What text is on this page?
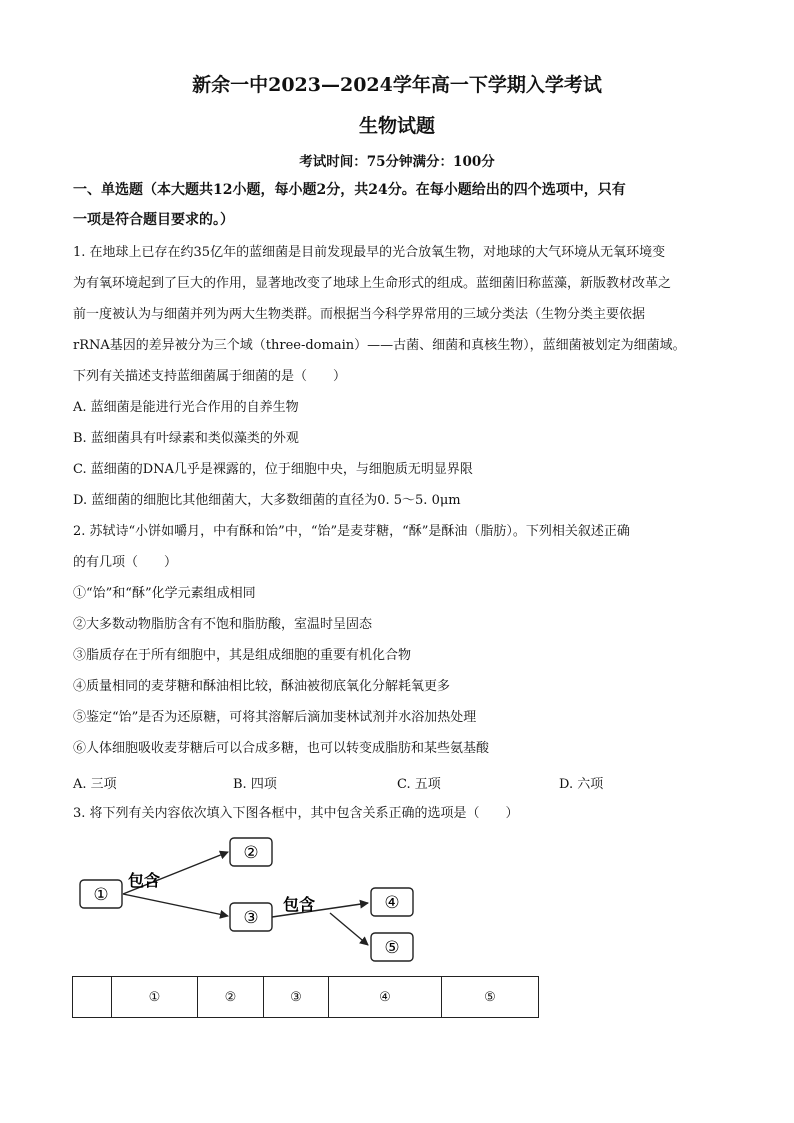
新余一中2023—2024学年高一下学期入学考试
生物试题
考试时间：75分钟满分：100分
一、单选题（本大题共12小题，每小题2分，共24分。在每小题给出的四个选项中，只有
一项是符合题目要求的。）
1. 在地球上已存在约35亿年的蓝细菌是目前发现最早的光合放氧生物，对地球的大气环境从无氧环境变
为有氧环境起到了巨大的作用，显著地改变了地球上生命形式的组成。蓝细菌旧称蓝藻，新版教材改革之
前一度被认为与细菌并列为两大生物类群。而根据当今科学界常用的三域分类法（生物分类主要依据
rRNA基因的差异被分为三个域（three-domain）——古菌、细菌和真核生物），蓝细菌被划定为细菌域。
下列有关描述支持蓝细菌属于细菌的是（　　）
A. 蓝细菌是能进行光合作用的自养生物
B. 蓝细菌具有叶绿素和类似藻类的外观
C. 蓝细菌的DNA几乎是裸露的，位于细胞中央，与细胞质无明显界限
D. 蓝细菌的细胞比其他细菌大，大多数细菌的直径为0. 5～5. 0μm
2. 苏轼诗“小饼如嚼月，中有酥和饴”中，“饴”是麦芽糖，“酥”是酥油（脂肪）。下列相关叙述正确
的有几项（　　）
①“饴”和“酥”化学元素组成相同
②大多数动物脂肪含有不饱和脂肪酸，室温时呈固态
③脂质存在于所有细胞中，其是组成细胞的重要有机化合物
④质量相同的麦芽糖和酥油相比较，酥油被彻底氧化分解耗氧更多
⑤鉴定“饴”是否为还原糖，可将其溶解后滴加斐林试剂并水浴加热处理
⑥人体细胞吸收麦芽糖后可以合成多糖，也可以转变成脂肪和某些氨基酸
A. 三项	B. 四项	C. 五项	D. 六项
3. 将下列有关内容依次填入下图各框中，其中包含关系正确的选项是（　　）
①
②
③
④
⑤
包含
包含
	①	②	③	④	⑤
